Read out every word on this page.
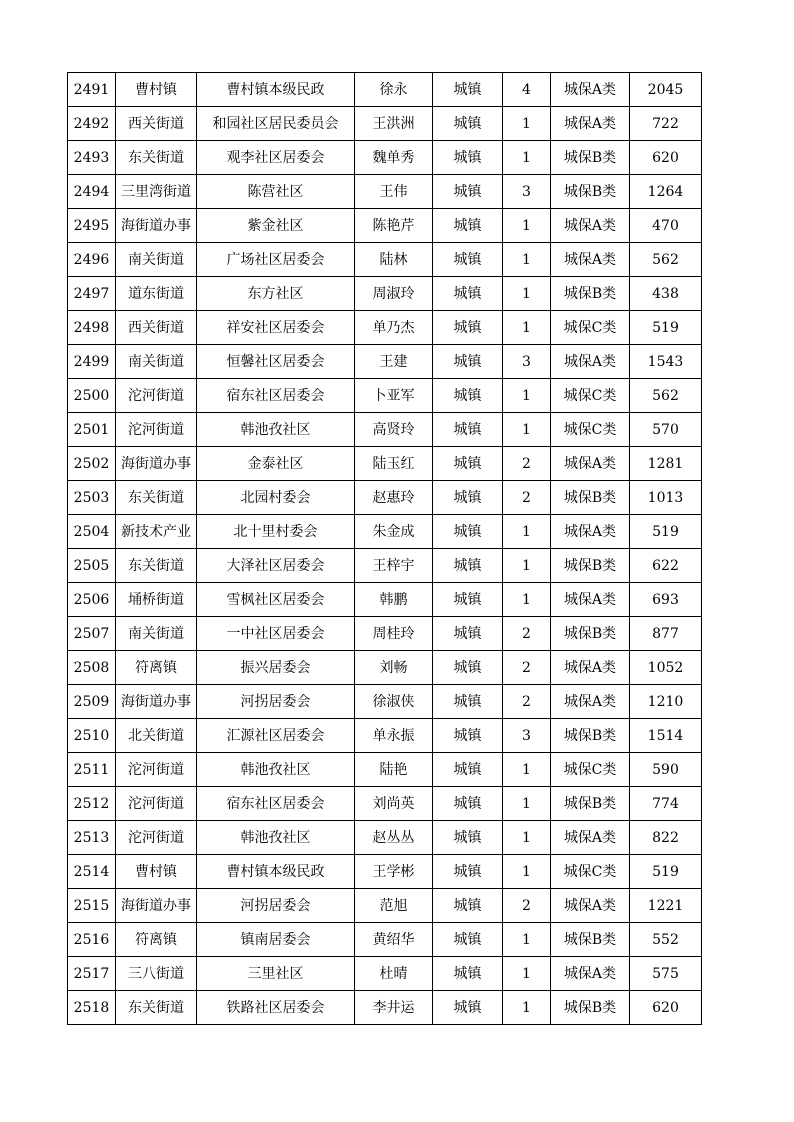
2491	曹村镇	曹村镇本级民政	徐永	城镇	4	城保A类	2045
2492	西关街道	和园社区居民委员会	王洪洲	城镇	1	城保A类	722
2493	东关街道	观李社区居委会	魏单秀	城镇	1	城保B类	620
2494	三里湾街道	陈营社区	王伟	城镇	3	城保B类	1264
2495	海街道办事	紫金社区	陈艳芹	城镇	1	城保A类	470
2496	南关街道	广场社区居委会	陆林	城镇	1	城保A类	562
2497	道东街道	东方社区	周淑玲	城镇	1	城保B类	438
2498	西关街道	祥安社区居委会	单乃杰	城镇	1	城保C类	519
2499	南关街道	恒馨社区居委会	王建	城镇	3	城保A类	1543
2500	沱河街道	宿东社区居委会	卜亚军	城镇	1	城保C类	562
2501	沱河街道	韩池孜社区	高贤玲	城镇	1	城保C类	570
2502	海街道办事	金泰社区	陆玉红	城镇	2	城保A类	1281
2503	东关街道	北园村委会	赵惠玲	城镇	2	城保B类	1013
2504	新技术产业	北十里村委会	朱金成	城镇	1	城保A类	519
2505	东关街道	大泽社区居委会	王梓宇	城镇	1	城保B类	622
2506	埇桥街道	雪枫社区居委会	韩鹏	城镇	1	城保A类	693
2507	南关街道	一中社区居委会	周桂玲	城镇	2	城保B类	877
2508	符离镇	振兴居委会	刘畅	城镇	2	城保A类	1052
2509	海街道办事	河拐居委会	徐淑侠	城镇	2	城保A类	1210
2510	北关街道	汇源社区居委会	单永振	城镇	3	城保B类	1514
2511	沱河街道	韩池孜社区	陆艳	城镇	1	城保C类	590
2512	沱河街道	宿东社区居委会	刘尚英	城镇	1	城保B类	774
2513	沱河街道	韩池孜社区	赵丛丛	城镇	1	城保A类	822
2514	曹村镇	曹村镇本级民政	王学彬	城镇	1	城保C类	519
2515	海街道办事	河拐居委会	范旭	城镇	2	城保A类	1221
2516	符离镇	镇南居委会	黄绍华	城镇	1	城保B类	552
2517	三八街道	三里社区	杜晴	城镇	1	城保A类	575
2518	东关街道	铁路社区居委会	李井运	城镇	1	城保B类	620
